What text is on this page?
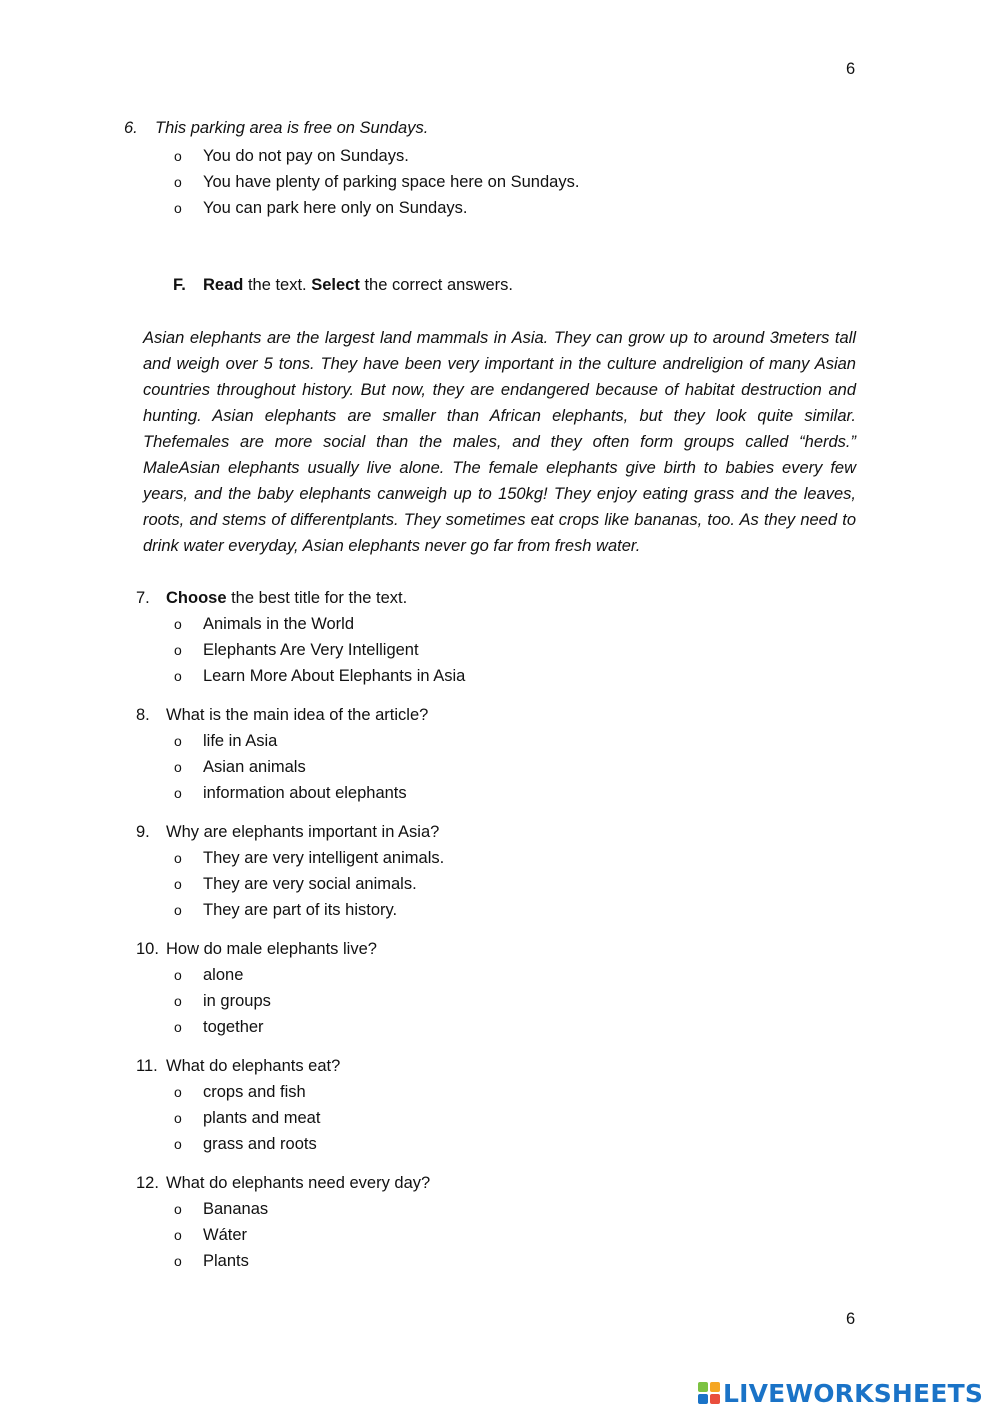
6
6. This parking area is free on Sundays.
o You do not pay on Sundays.
o You have plenty of parking space here on Sundays.
o You can park here only on Sundays.
F. Read the text. Select the correct answers.

Asian elephants are the largest land mammals in Asia. They can grow up to around 3meters tall and weigh over 5 tons. They have been very important in the culture andreligion of many Asian countries throughout history. But now, they are endangered because of habitat destruction and hunting. Asian elephants are smaller than African elephants, but they look quite similar. Thefemales are more social than the males, and they often form groups called “herds.” MaleAsian elephants usually live alone. The female elephants give birth to babies every few years, and the baby elephants canweigh up to 150kg! They enjoy eating grass and the leaves, roots, and stems of differentplants. They sometimes eat crops like bananas, too. As they need to drink water everyday, Asian elephants never go far from fresh water.

7. Choose the best title for the text.
o Animals in the World
o Elephants Are Very Intelligent
o Learn More About Elephants in Asia
8. What is the main idea of the article?
o life in Asia
o Asian animals
o information about elephants
9. Why are elephants important in Asia?
o They are very intelligent animals.
o They are very social animals.
o They are part of its history.
10. How do male elephants live?
o alone
o in groups
o together
11. What do elephants eat?
o crops and fish
o plants and meat
o grass and roots
12. What do elephants need every day?
o Bananas
o Wáter
o Plants
6
LIVEWORKSHEETS
